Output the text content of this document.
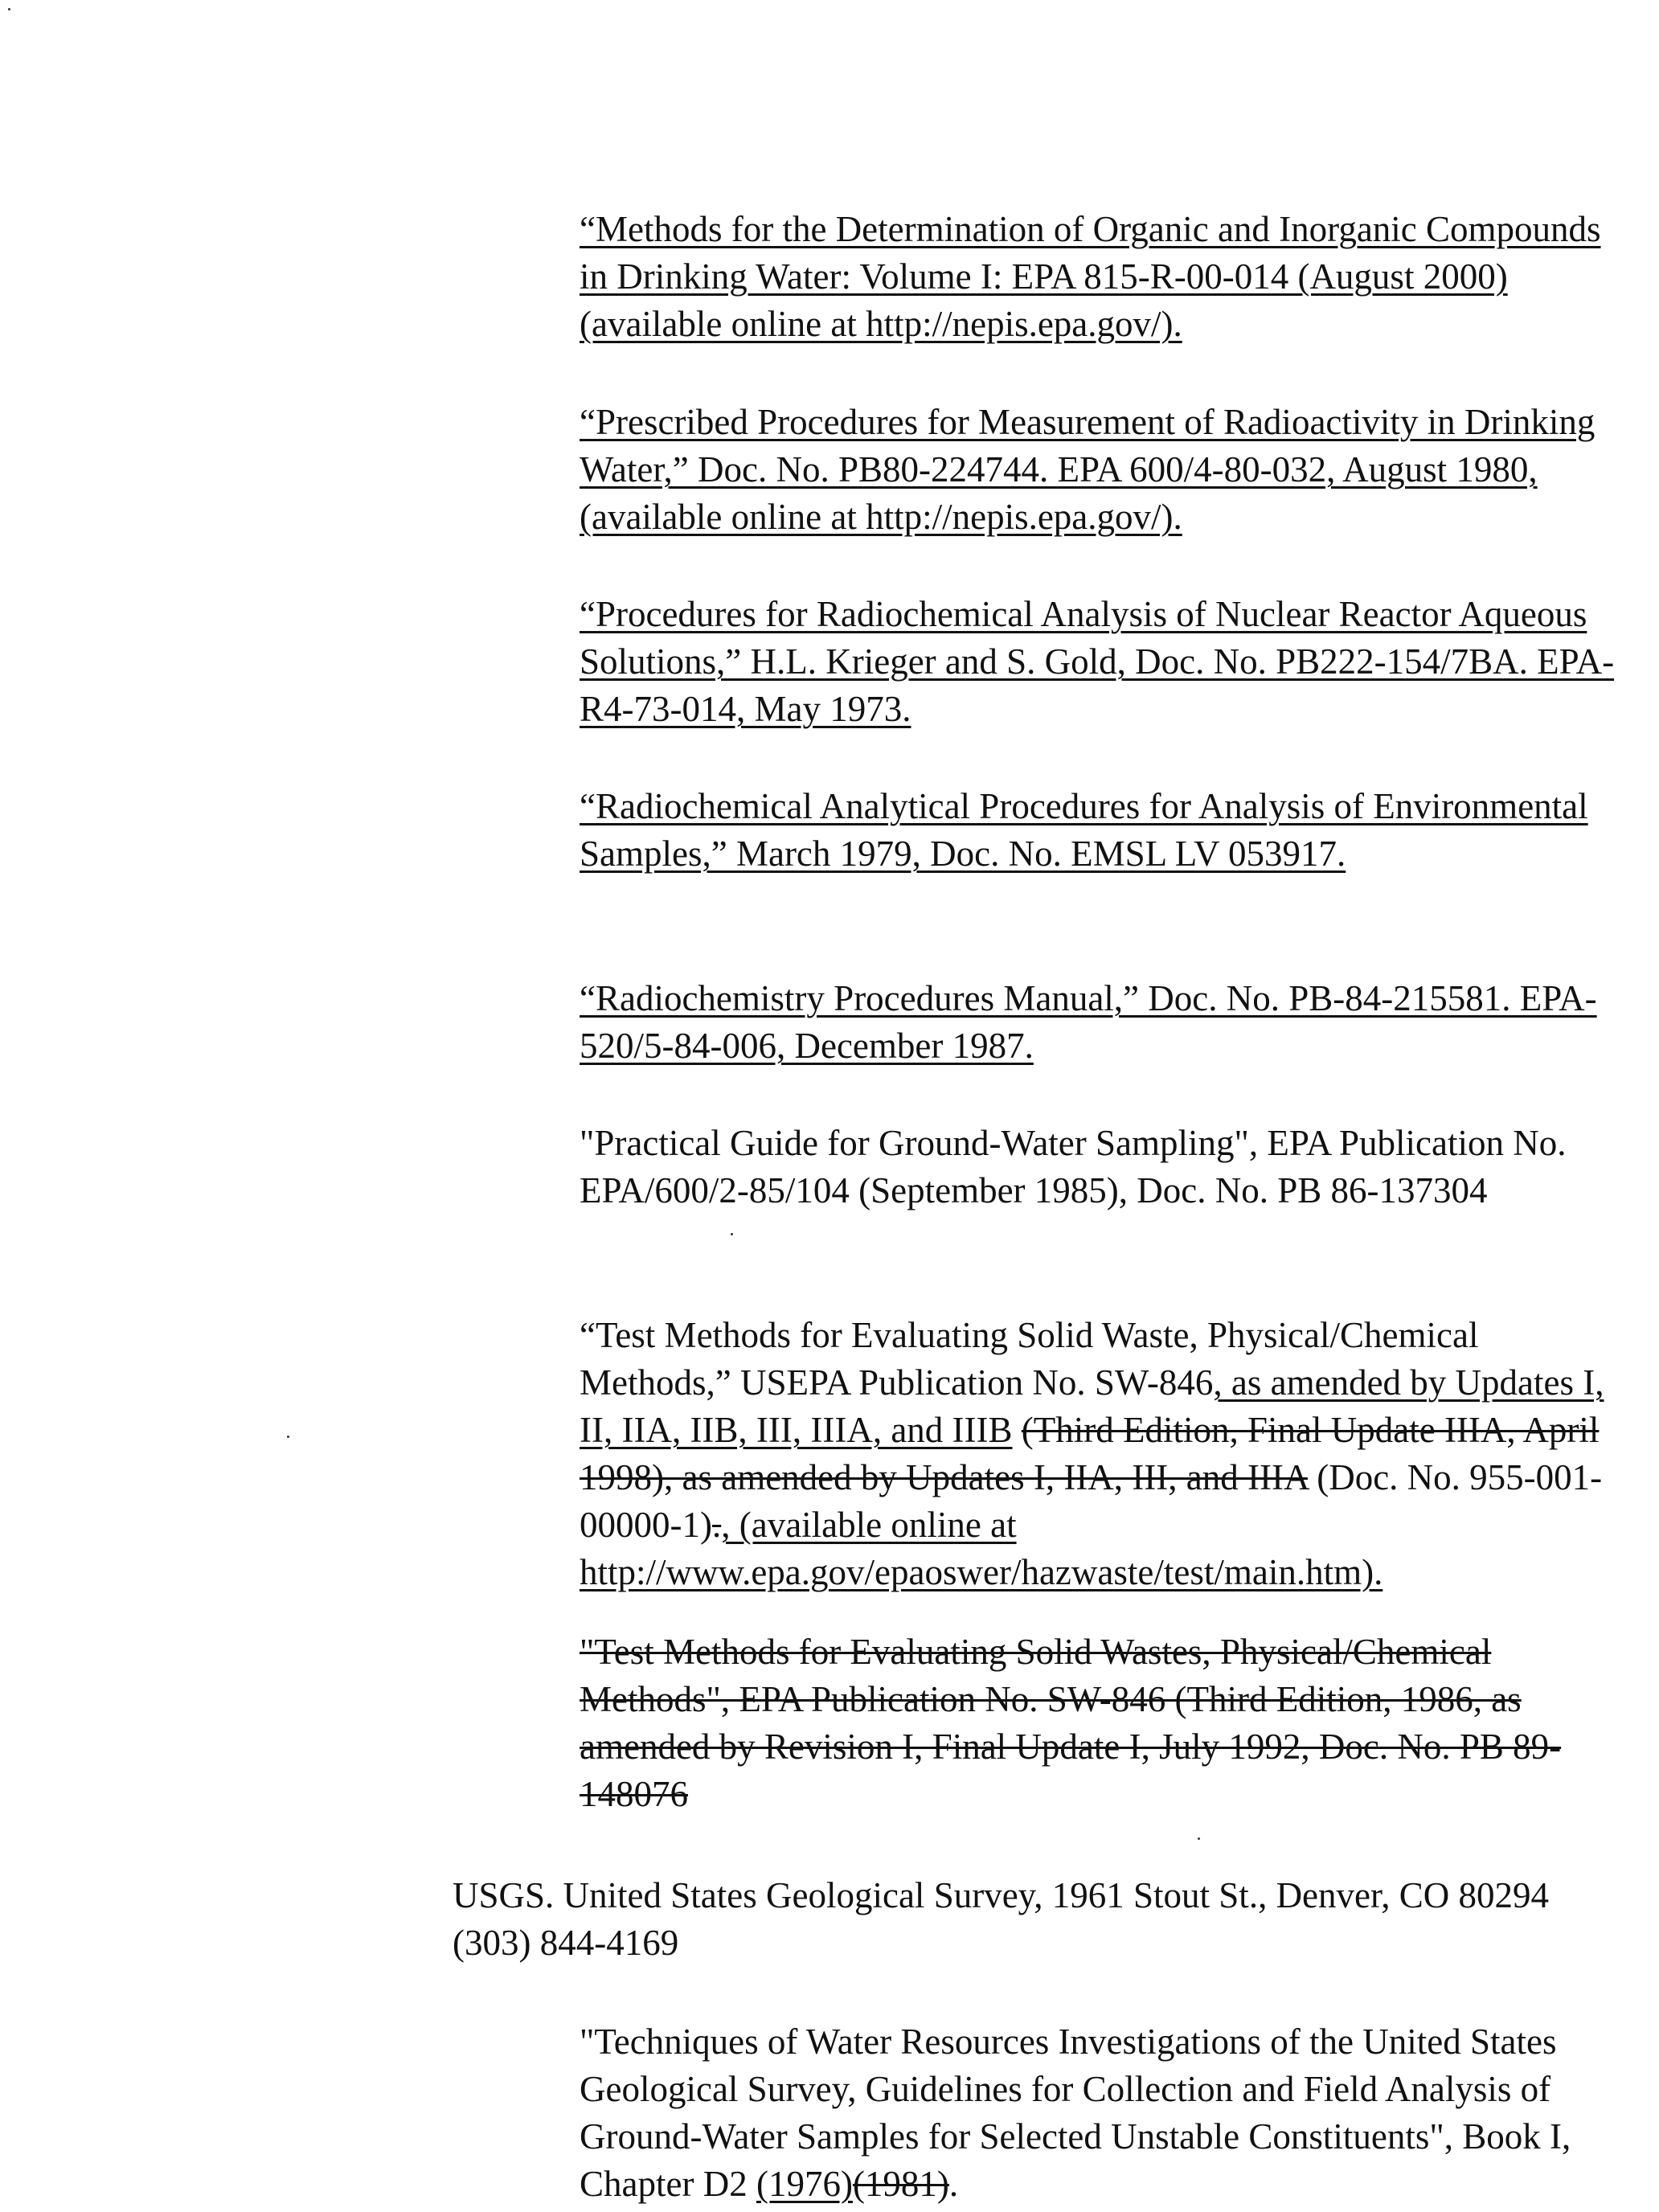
“Methods for the Determination of Organic and Inorganic Compounds in Drinking Water: Volume I: EPA 815-R-00-014 (August 2000) (available online at http://nepis.epa.gov/).

“Prescribed Procedures for Measurement of Radioactivity in Drinking Water,” Doc. No. PB80-224744. EPA 600/4-80-032, August 1980, (available online at http://nepis.epa.gov/).

“Procedures for Radiochemical Analysis of Nuclear Reactor Aqueous Solutions,” H.L. Krieger and S. Gold, Doc. No. PB222-154/7BA. EPA-R4-73-014, May 1973.

“Radiochemical Analytical Procedures for Analysis of Environmental Samples,” March 1979, Doc. No. EMSL LV 053917.

“Radiochemistry Procedures Manual,” Doc. No. PB-84-215581. EPA-520/5-84-006, December 1987.

"Practical Guide for Ground-Water Sampling", EPA Publication No. EPA/600/2-85/104 (September 1985), Doc. No. PB 86-137304

“Test Methods for Evaluating Solid Waste, Physical/Chemical Methods,” USEPA Publication No. SW-846, as amended by Updates I, II, IIA, IIB, III, IIIA, and IIIB (Third Edition, Final Update IIIA, April 1998), as amended by Updates I, IIA, III, and IIIA (Doc. No. 955-001-00000-1)., (available online at http://www.epa.gov/epaoswer/hazwaste/test/main.htm).

"Test Methods for Evaluating Solid Wastes, Physical/Chemical Methods", EPA Publication No. SW-846 (Third Edition, 1986, as amended by Revision I, Final Update I, July 1992, Doc. No. PB 89-148076

USGS. United States Geological Survey, 1961 Stout St., Denver, CO 80294 (303) 844-4169

"Techniques of Water Resources Investigations of the United States Geological Survey, Guidelines for Collection and Field Analysis of Ground-Water Samples for Selected Unstable Constituents", Book I, Chapter D2 (1976)(1981).
